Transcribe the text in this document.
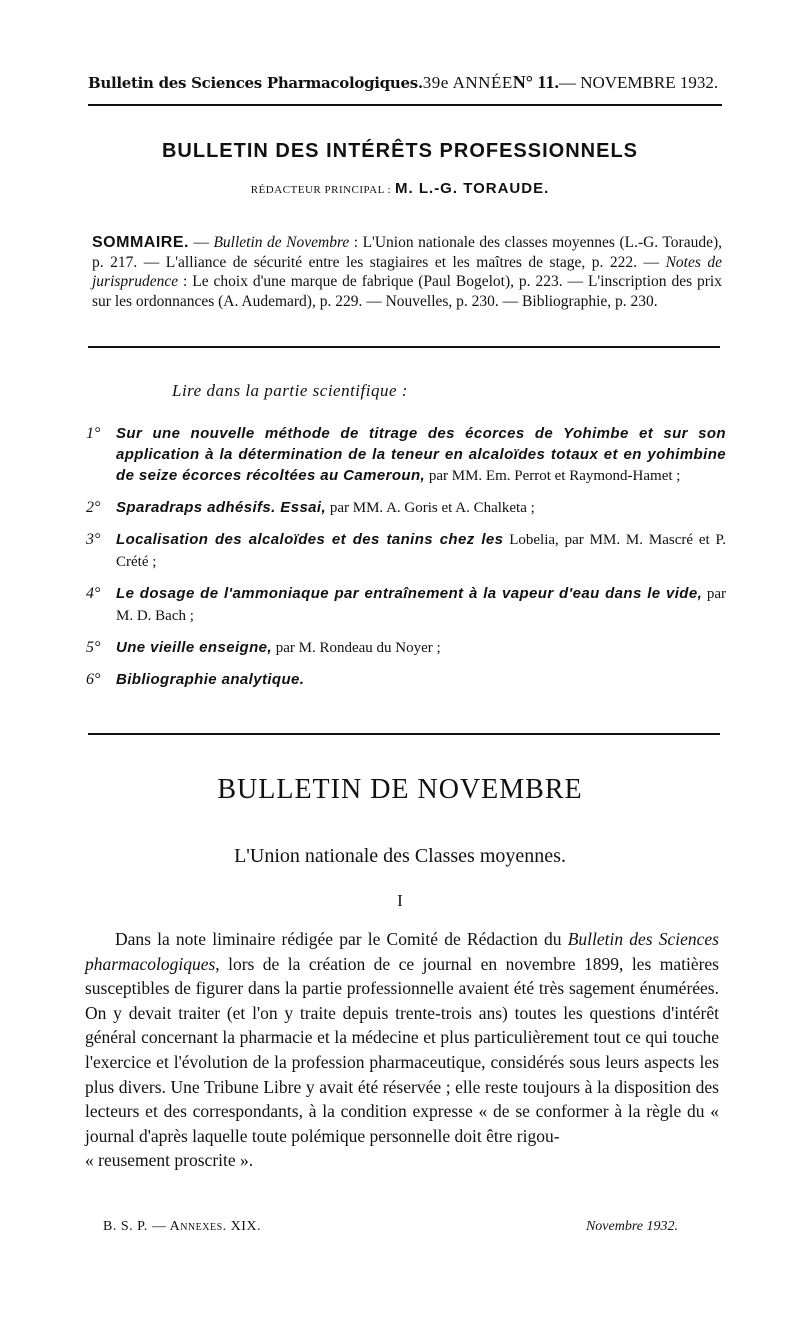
Bulletin des Sciences Pharmacologiques. 39e ANNÉE N° 11. — NOVEMBRE 1932.
BULLETIN DES INTÉRÊTS PROFESSIONNELS
RÉDACTEUR PRINCIPAL : M. L.-G. TORAUDE.
SOMMAIRE. — Bulletin de Novembre : L'Union nationale des classes moyennes (L.-G. Toraude), p. 217. — L'alliance de sécurité entre les stagiaires et les maîtres de stage, p. 222. — Notes de jurisprudence : Le choix d'une marque de fabrique (Paul Bogelot), p. 223. — L'inscription des prix sur les ordonnances (A. Audemard), p. 229. — Nouvelles, p. 230. — Bibliographie, p. 230.
Lire dans la partie scientifique :
1°	Sur une nouvelle méthode de titrage des écorces de Yohimbe et sur son application à la détermination de la teneur en alcaloïdes totaux et en yohimbine de seize écorces récoltées au Cameroun, par MM. Em. Perrot et Raymond-Hamet ;
2°	Sparadraps adhésifs. Essai, par MM. A. Goris et A. Chalketa ;
3°	Localisation des alcaloïdes et des tanins chez les Lobelia, par MM. M. Mascré et P. Crété ;
4°	Le dosage de l'ammoniaque par entraînement à la vapeur d'eau dans le vide, par M. D. Bach ;
5°	Une vieille enseigne, par M. Rondeau du Noyer ;
6°	Bibliographie analytique.
BULLETIN DE NOVEMBRE
L'Union nationale des Classes moyennes.
I

Dans la note liminaire rédigée par le Comité de Rédaction du Bulletin des Sciences pharmacologiques, lors de la création de ce journal en novembre 1899, les matières susceptibles de figurer dans la partie professionnelle avaient été très sagement énumérées. On y devait traiter (et l'on y traite depuis trente-trois ans) toutes les questions d'intérêt général concernant la pharmacie et la médecine et plus particulièrement tout ce qui touche l'exercice et l'évolution de la profession pharmaceutique, considérés sous leurs aspects les plus divers. Une Tribune Libre y avait été réservée ; elle reste toujours à la disposition des lecteurs et des correspondants, à la condition expresse « de se conformer à la règle du « journal d'après laquelle toute polémique personnelle doit être rigou-
« reusement proscrite ».

B. S. P. — Annexes. XIX.	Novembre 1932.
